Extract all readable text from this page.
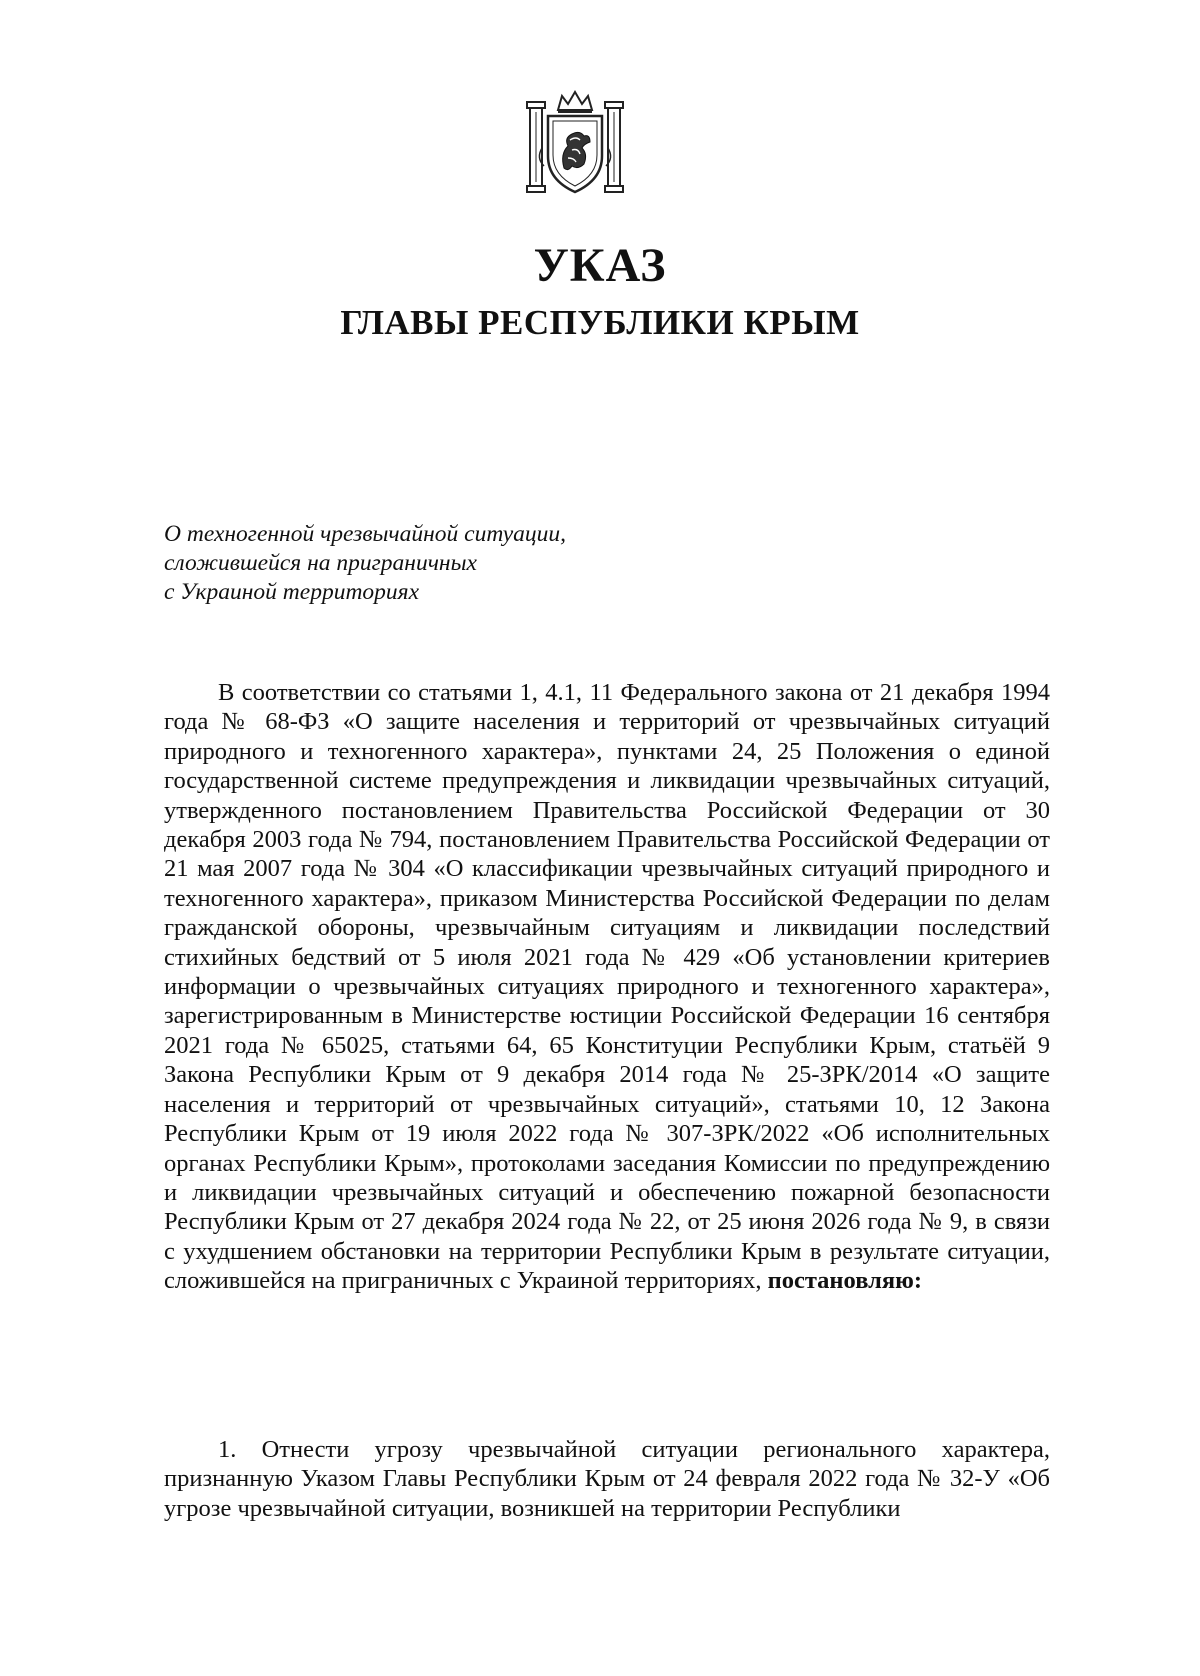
УКАЗ
ГЛАВЫ РЕСПУБЛИКИ КРЫМ
О техногенной чрезвычайной ситуации,
сложившейся на приграничных
с Украиной территориях

В соответствии со статьями 1, 4.1, 11 Федерального закона от 21 декабря 1994 года № 68-ФЗ «О защите населения и территорий от чрезвычайных ситуаций природного и техногенного характера», пунктами 24, 25 Положения о единой государственной системе предупреждения и ликвидации чрезвычайных ситуаций, утвержденного постановлением Правительства Российской Федерации от 30 декабря 2003 года № 794, постановлением Правительства Российской Федерации от 21 мая 2007 года № 304 «О классификации чрезвычайных ситуаций природного и техногенного характера», приказом Министерства Российской Федерации по делам гражданской обороны, чрезвычайным ситуациям и ликвидации последствий стихийных бедствий от 5 июля 2021 года № 429 «Об установлении критериев информации о чрезвычайных ситуациях природного и техногенного характера», зарегистрированным в Министерстве юстиции Российской Федерации 16 сентября 2021 года № 65025, статьями 64, 65 Конституции Республики Крым, статьёй 9 Закона Республики Крым от 9 декабря 2014 года № 25-ЗРК/2014 «О защите населения и территорий от чрезвычайных ситуаций», статьями 10, 12 Закона Республики Крым от 19 июля 2022 года № 307-ЗРК/2022 «Об исполнительных органах Республики Крым», протоколами заседания Комиссии по предупреждению и ликвидации чрезвычайных ситуаций и обеспечению пожарной безопасности Республики Крым от 27 декабря 2024 года № 22, от 25 июня 2026 года № 9, в связи с ухудшением обстановки на территории Республики Крым в результате ситуации, сложившейся на приграничных с Украиной территориях, постановляю:

1. Отнести угрозу чрезвычайной ситуации регионального характера, признанную Указом Главы Республики Крым от 24 февраля 2022 года № 32-У «Об угрозе чрезвычайной ситуации, возникшей на территории Республики
